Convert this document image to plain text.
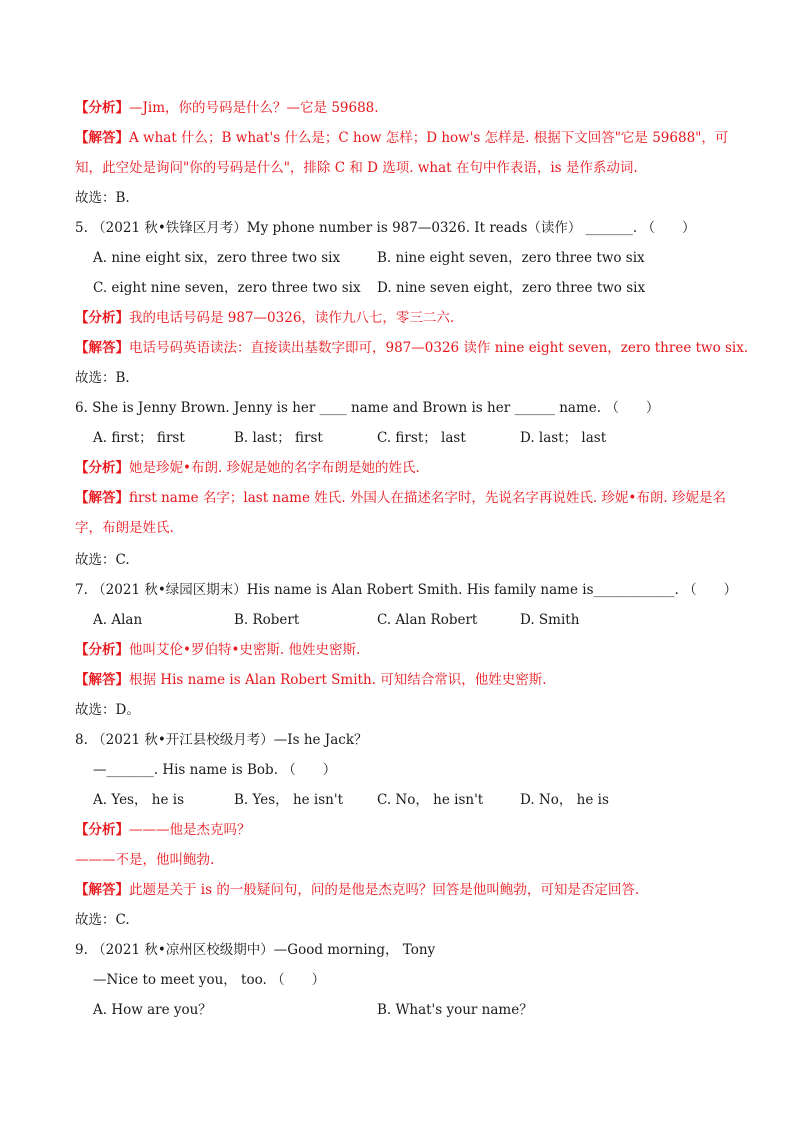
【分析】—Jim，你的号码是什么？—它是 59688.
【解答】A what 什么；B what's 什么是；C how 怎样；D how's 怎样是. 根据下文回答"它是 59688"，可
知，此空处是询问"你的号码是什么"，排除 C 和 D 选项. what 在句中作表语，is 是作系动词.
故选：B.
5. （2021 秋•铁锋区月考）My phone number is 987—0326. It reads（读作） _______. （　　）
A. nine eight six，zero three two six	B. nine eight seven，zero three two six
C. eight nine seven，zero three two six D. nine seven eight，zero three two six
【分析】我的电话号码是 987—0326，读作九八七，零三二六.
【解答】电话号码英语读法：直接读出基数字即可，987—0326 读作 nine eight seven，zero three two six.
故选：B.
6. She is Jenny Brown. Jenny is her ____ name and Brown is her ______ name. （　　）
A. first； first	B. last； first	C. first； last	D. last； last
【分析】她是珍妮•布朗. 珍妮是她的名字布朗是她的姓氏.
【解答】first name 名字；last name 姓氏. 外国人在描述名字时，先说名字再说姓氏. 珍妮•布朗. 珍妮是名
字，布朗是姓氏.
故选：C.
7. （2021 秋•绿园区期末）His name is Alan Robert Smith. His family name is____________. （　　）
A. Alan	B. Robert	C. Alan Robert	D. Smith
【分析】他叫艾伦•罗伯特•史密斯. 他姓史密斯.
【解答】根据 His name is Alan Robert Smith. 可知结合常识，他姓史密斯.
故选：D。
8. （2021 秋•开江县校级月考）—Is he Jack？
—_______. His name is Bob. （　　）
A. Yes， he is	B. Yes， he isn't	C. No， he isn't	D. No， he is
【分析】———他是杰克吗？
———不是，他叫鲍勃.
【解答】此题是关于 is 的一般疑问句，问的是他是杰克吗？回答是他叫鲍勃，可知是否定回答.
故选：C.
9. （2021 秋•凉州区校级期中）—Good morning， Tony
—Nice to meet you， too. （　　）
A. How are you？	B. What's your name？
